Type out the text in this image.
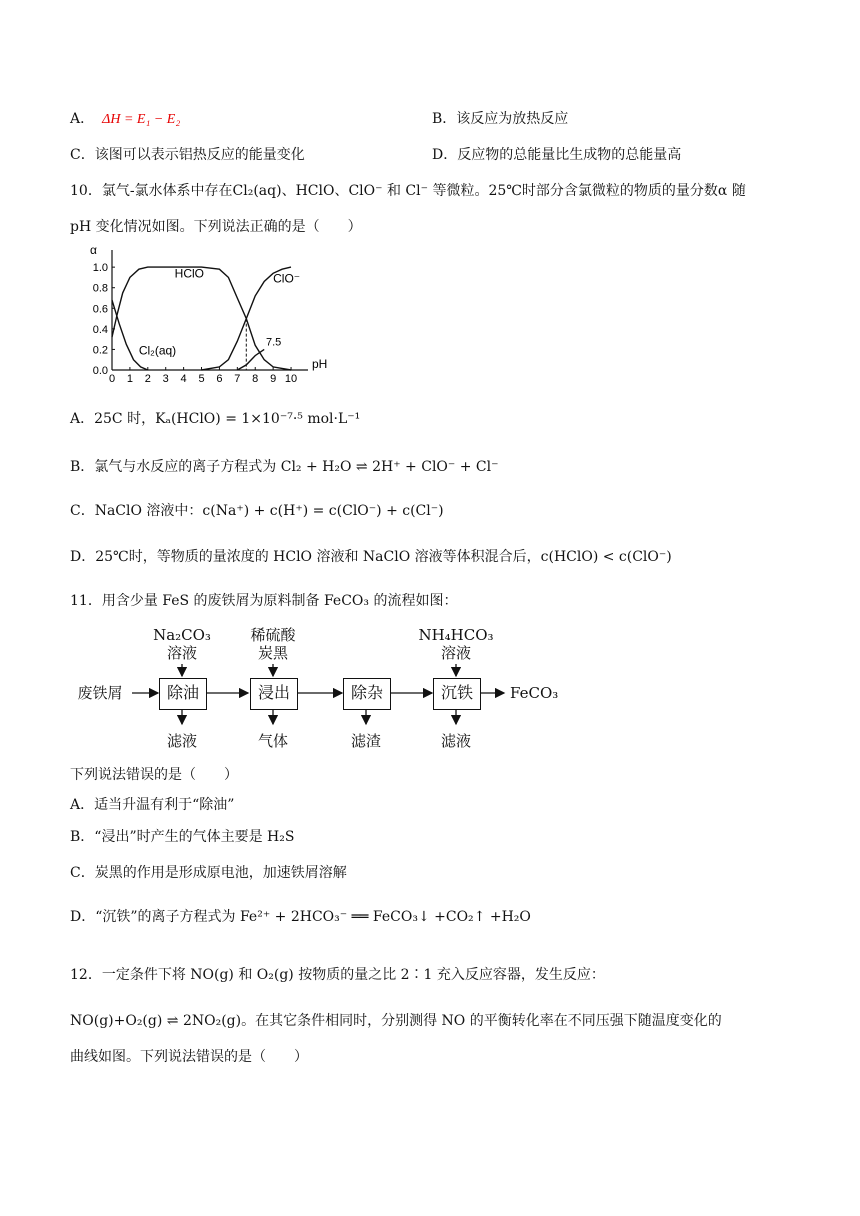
A． ΔH = E₁ − E₂	B．该反应为放热反应
C．该图可以表示铝热反应的能量变化	D．反应物的总能量比生成物的总能量高
10．氯气-氯水体系中存在Cl₂(aq)、HClO、ClO⁻ 和 Cl⁻ 等微粒。25℃时部分含氯微粒的物质的量分数α 随
pH 变化情况如图。下列说法正确的是（　　）
α
pH
0 1 2 3 4 5 6 7 8 9 10
0.0
0.2
0.4
0.6
0.8
1.0	HClO	ClO⁻
Cl₂(aq)
7.5
A．25C 时，Kₐ(HClO) = 1×10⁻⁷·⁵ mol·L⁻¹
B．氯气与水反应的离子方程式为 Cl₂ + H₂O ⇌ 2H⁺ + ClO⁻ + Cl⁻
C．NaClO 溶液中：c(Na⁺) + c(H⁺) = c(ClO⁻) + c(Cl⁻)
D．25℃时，等物质的量浓度的 HClO 溶液和 NaClO 溶液等体积混合后，c(HClO) < c(ClO⁻)
11．用含少量 FeS 的废铁屑为原料制备 FeCO₃ 的流程如图：
废铁屑	FeCO₃
除油	浸出	除杂	沉铁
Na₂CO₃
溶液
稀硫酸
炭黑
NH₄HCO₃
溶液
滤液	气体	滤渣	滤液
下列说法错误的是（　　）
A．适当升温有利于“除油”
B．“浸出”时产生的气体主要是 H₂S
C．炭黑的作用是形成原电池，加速铁屑溶解
D．“沉铁”的离子方程式为 Fe²⁺ + 2HCO₃⁻ ══ FeCO₃↓ +CO₂↑ +H₂O
12．一定条件下将 NO(g) 和 O₂(g) 按物质的量之比 2∶1 充入反应容器，发生反应：
NO(g)+O₂(g) ⇌ 2NO₂(g)。在其它条件相同时，分别测得 NO 的平衡转化率在不同压强下随温度变化的
曲线如图。下列说法错误的是（　　）
